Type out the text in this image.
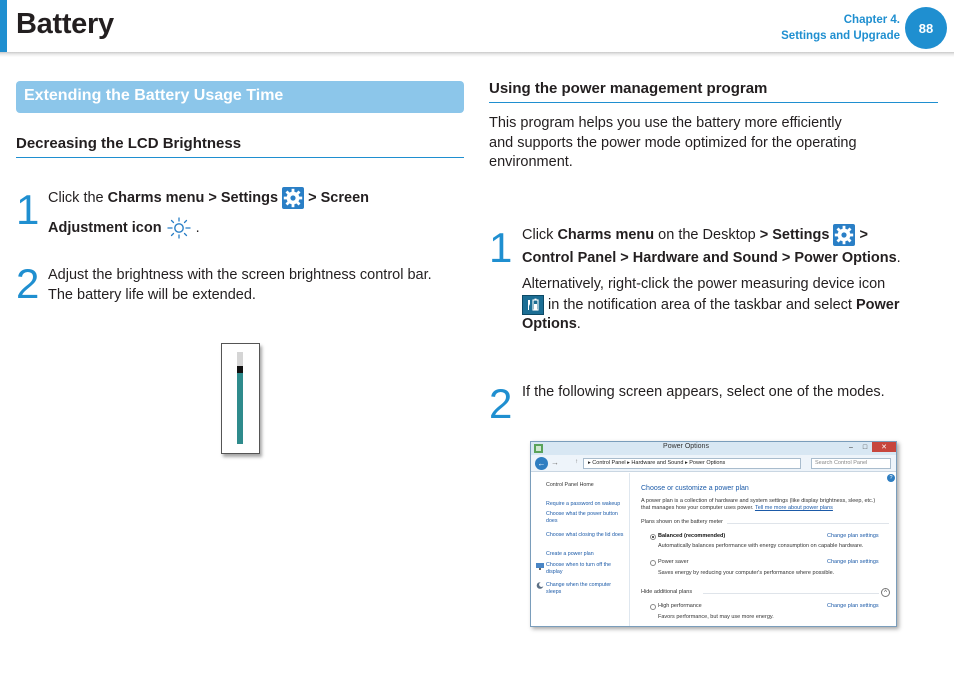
Battery	Chapter 4.
Settings and Upgrade
88
Extending the Battery Usage Time
Decreasing the LCD Brightness
1 Click the Charms menu > Settings  > Screen
Adjustment icon  .
2 Adjust the brightness with the screen brightness control bar.
The battery life will be extended.
Using the power management program
This program helps you use the battery more efficiently
and supports the power mode optimized for the operating
environment.
1 Click Charms menu on the Desktop > Settings  >
Control Panel > Hardware and Sound > Power Options.
Alternatively, right-click the power measuring device icon
in the notification area of the taskbar and select Power
Options.
2 If the following screen appears, select one of the modes.
Power Options	–	□	✕
← →	↑	▸ Control Panel ▸ Hardware and Sound ▸ Power Options	Search Control Panel
Control Panel Home
Require a password on wakeup
Choose what the power button does
Choose what closing the lid does
Create a power plan
Choose when to turn off the display
Change when the computer sleeps
?
Choose or customize a power plan
A power plan is a collection of hardware and system settings (like display brightness, sleep, etc.)
that manages how your computer uses power. Tell me more about power plans
Plans shown on the battery meter
Balanced (recommended)	Change plan settings
Automatically balances performance with energy consumption on capable hardware.
Power saver	Change plan settings
Saves energy by reducing your computer's performance where possible.
Hide additional plans	^
High performance	Change plan settings
Favors performance, but may use more energy.
